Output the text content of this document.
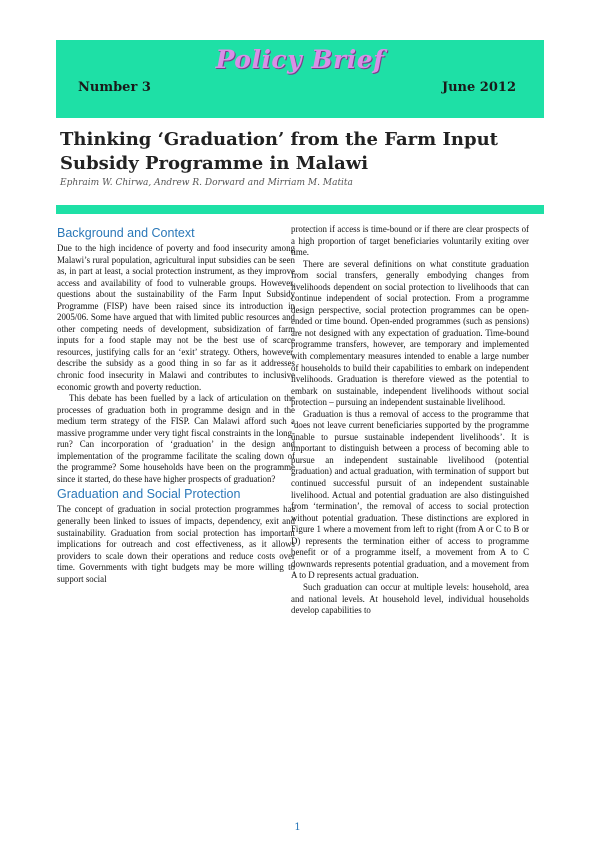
Policy Brief
Number 3	June 2012
Thinking ‘Graduation’ from the Farm Input Subsidy Programme in Malawi
Ephraim W. Chirwa, Andrew R. Dorward and Mirriam M. Matita
Background and Context

Due to the high incidence of poverty and food insecurity among Malawi’s rural population, agricultural input subsidies can be seen as, in part at least, a social protection instrument, as they improve access and availability of food to vulnerable groups. However, questions about the sustainability of the Farm Input Subsidy Programme (FISP) have been raised since its introduction in 2005/06. Some have argued that with limited public resources and other competing needs of development, subsidization of farm inputs for a food staple may not be the best use of scarce resources, justifying calls for an ‘exit’ strategy. Others, however, describe the subsidy as a good thing in so far as it addresses chronic food insecurity in Malawi and contributes to inclusive economic growth and poverty reduction.

This debate has been fuelled by a lack of articulation on the processes of graduation both in programme design and in the medium term strategy of the FISP. Can Malawi afford such a massive programme under very tight fiscal constraints in the long-run? Can incorporation of ‘graduation’ in the design and implementation of the programme facilitate the scaling down of the programme? Some households have been on the programme since it started, do these have higher prospects of graduation?

Graduation and Social Protection

The concept of graduation in social protection programmes has generally been linked to issues of impacts, dependency, exit and sustainability. Graduation from social protection has important implications for outreach and cost effectiveness, as it allows providers to scale down their operations and reduce costs over time. Governments with tight budgets may be more willing to support social

protection if access is time-bound or if there are clear prospects of a high proportion of target beneficiaries voluntarily exiting over time.

There are several definitions on what constitute graduation from social transfers, generally embodying changes from livelihoods dependent on social protection to livelihoods that can continue independent of social protection. From a programme design perspective, social protection programmes can be open-ended or time bound. Open-ended programmes (such as pensions) are not designed with any expectation of graduation. Time-bound programme transfers, however, are temporary and implemented with complementary measures intended to enable a large number of households to build their capabilities to embark on independent livelihoods. Graduation is therefore viewed as the potential to embark on sustainable, independent livelihoods without social protection – pursuing an independent sustainable livelihood.

Graduation is thus a removal of access to the programme that ‘does not leave current beneficiaries supported by the programme unable to pursue sustainable independent livelihoods’. It is important to distinguish between a process of becoming able to pursue an independent sustainable livelihood (potential graduation) and actual graduation, with termination of support but continued successful pursuit of an independent sustainable livelihood. Actual and potential graduation are also distinguished from ‘termination’, the removal of access to social protection without potential graduation. These distinctions are explored in Figure 1 where a movement from left to right (from A or C to B or D) represents the termination either of access to programme benefit or of a programme itself, a movement from A to C downwards represents potential graduation, and a movement from A to D represents actual graduation.

Such graduation can occur at multiple levels: household, area and national levels. At household level, individual households develop capabilities to

1
